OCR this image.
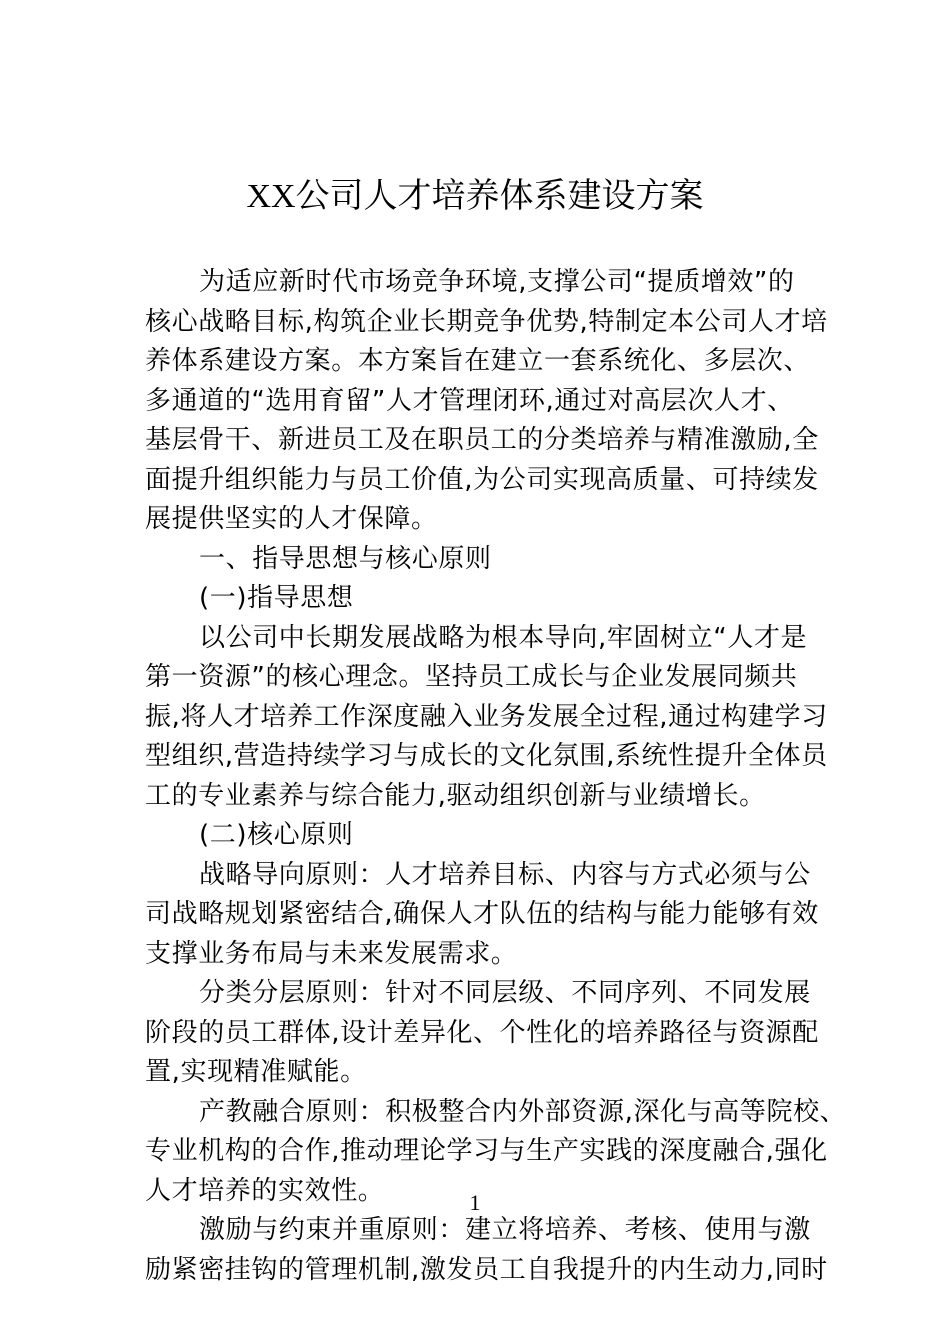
XX公司人才培养体系建设方案
为适应新时代市场竞争环境,支撑公司“提质增效”的
核心战略目标,构筑企业长期竞争优势,特制定本公司人才培
养体系建设方案。本方案旨在建立一套系统化、多层次、
多通道的“选用育留”人才管理闭环,通过对高层次人才、
基层骨干、新进员工及在职员工的分类培养与精准激励,全
面提升组织能力与员工价值,为公司实现高质量、可持续发
展提供坚实的人才保障。
一、指导思想与核心原则
(一)指导思想
以公司中长期发展战略为根本导向,牢固树立“人才是
第一资源”的核心理念。坚持员工成长与企业发展同频共
振,将人才培养工作深度融入业务发展全过程,通过构建学习
型组织,营造持续学习与成长的文化氛围,系统性提升全体员
工的专业素养与综合能力,驱动组织创新与业绩增长。
(二)核心原则
战略导向原则：人才培养目标、内容与方式必须与公
司战略规划紧密结合,确保人才队伍的结构与能力能够有效
支撑业务布局与未来发展需求。
分类分层原则：针对不同层级、不同序列、不同发展
阶段的员工群体,设计差异化、个性化的培养路径与资源配
置,实现精准赋能。
产教融合原则：积极整合内外部资源,深化与高等院校、
专业机构的合作,推动理论学习与生产实践的深度融合,强化
人才培养的实效性。
激励与约束并重原则：建立将培养、考核、使用与激
励紧密挂钩的管理机制,激发员工自我提升的内生动力,同时
1
